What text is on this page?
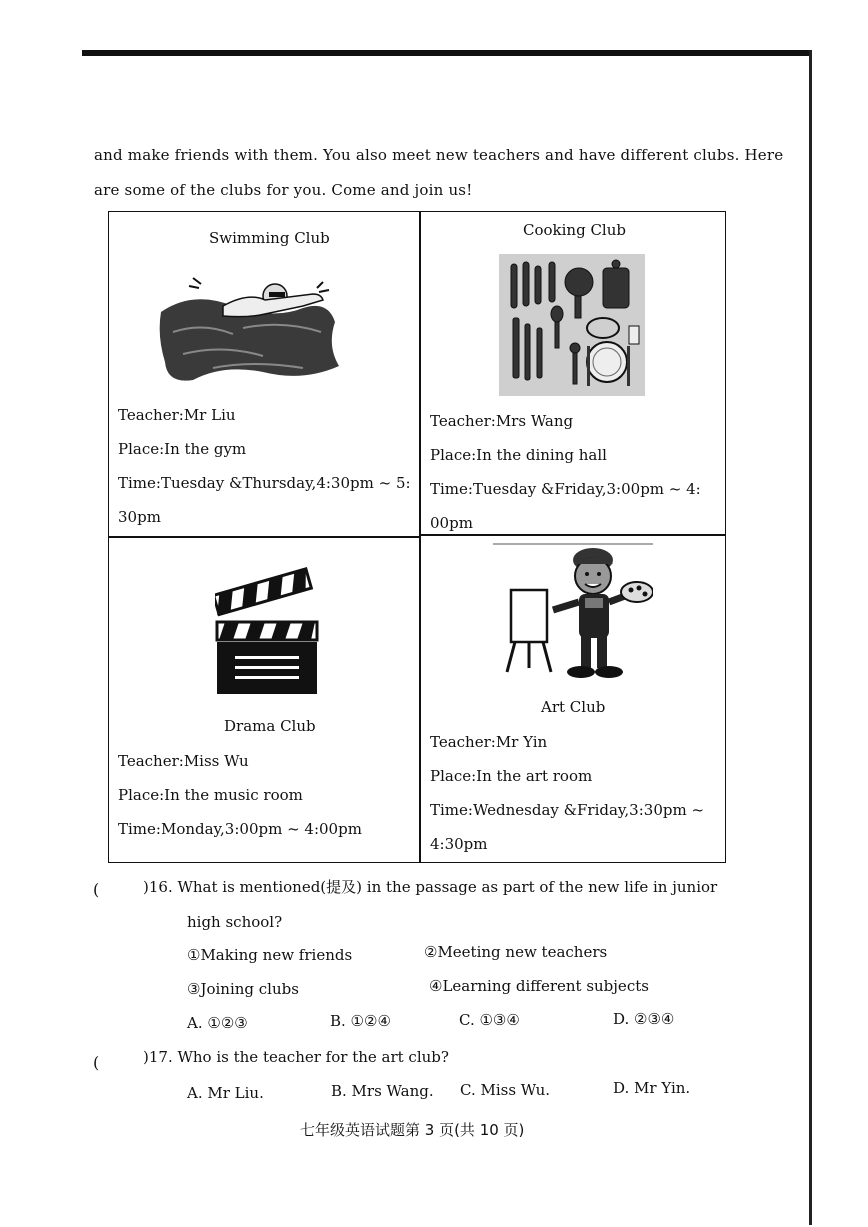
and make friends with them. You also meet new teachers and have different clubs. Here
are some of the clubs for you. Come and join us!
Swimming Club
Teacher:Mr Liu
Place:In the gym
Time:Tuesday &Thursday,4:30pm ~ 5:
30pm
Cooking Club
Teacher:Mrs Wang
Place:In the dining hall
Time:Tuesday &Friday,3:00pm ~ 4:
00pm
Drama Club
Teacher:Miss Wu
Place:In the music room
Time:Monday,3:00pm ~ 4:00pm
Art Club
Teacher:Mr Yin
Place:In the art room
Time:Wednesday &Friday,3:30pm ~
4:30pm
(	)16. What is mentioned(提及) in the passage as part of the new life in junior
high school?
①Making new friends	②Meeting new teachers
③Joining clubs	④Learning different subjects
A. ①②③	B. ①②④	C. ①③④	D. ②③④
(	)17. Who is the teacher for the art club?
A. Mr Liu.	B. Mrs Wang. C. Miss Wu.	D. Mr Yin.
七年级英语试题第 3 页(共 10 页)
